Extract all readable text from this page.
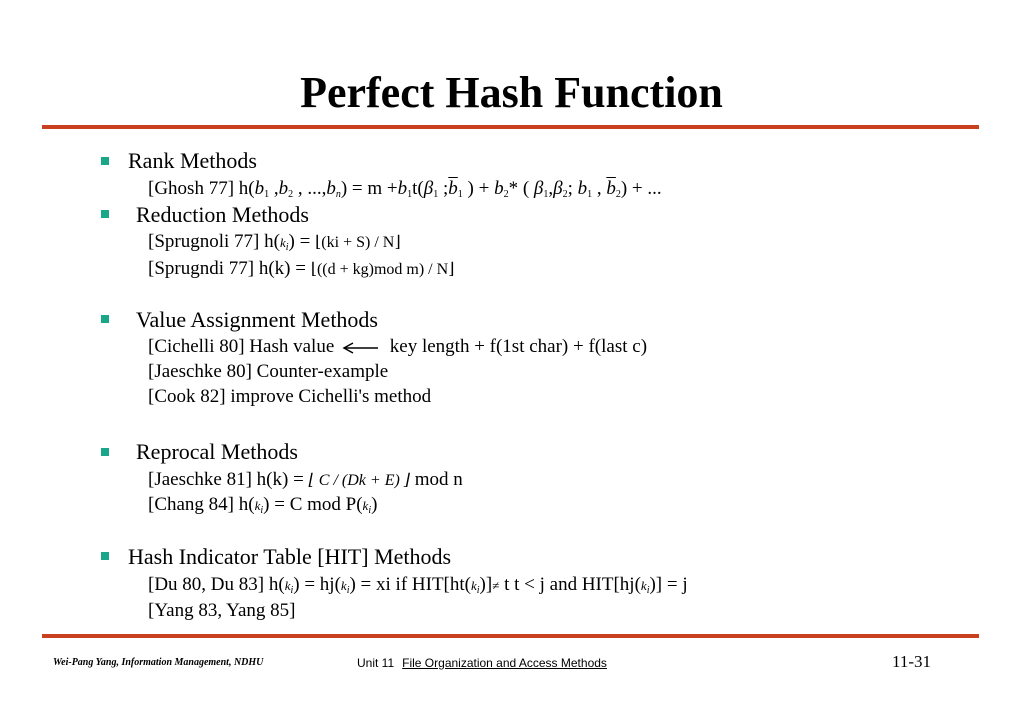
Perfect Hash Function
Rank Methods
[Ghosh 77] $h(b_1$ $,b_2$ , $...,b_n) = m +b_1t(\beta_1$ $;\overline{b}_1$ ) + $b_2*$ ( $\beta_1,\beta_2$; $b_1$ , $\overline{b}_2$) + ...
Reduction Methods
[Sprugnoli 77] $h(k_i)$ = ⌊(ki + S) / N⌋
[Sprugndi 77] h(k) = ⌊((d + kg)mod m) / N⌋
Value Assignment Methods
[Cichelli 80] Hash value	key length + f(1st char) + f(last c)
[Jaeschke 80] Counter-example
[Cook 82] improve Cichelli's method
Reprocal Methods
[Jaeschke 81] h(k) = ⌊ C / (Dk + E) ⌋ mod n
[Chang 84] $h(k_i) = C$ mod $P(k_i)$
Hash Indicator Table [HIT] Methods
[Du 80, Du 83] $h(k_i) = hj(k_i)$ = xi if $HIT[ht(k_i)]\ne t$ t < j and $HIT[hj(k_i)] = j$
[Yang 83, Yang 85]
Wei-Pang Yang, Information Management, NDHU	Unit 11 File Organization and Access Methods	11-31
